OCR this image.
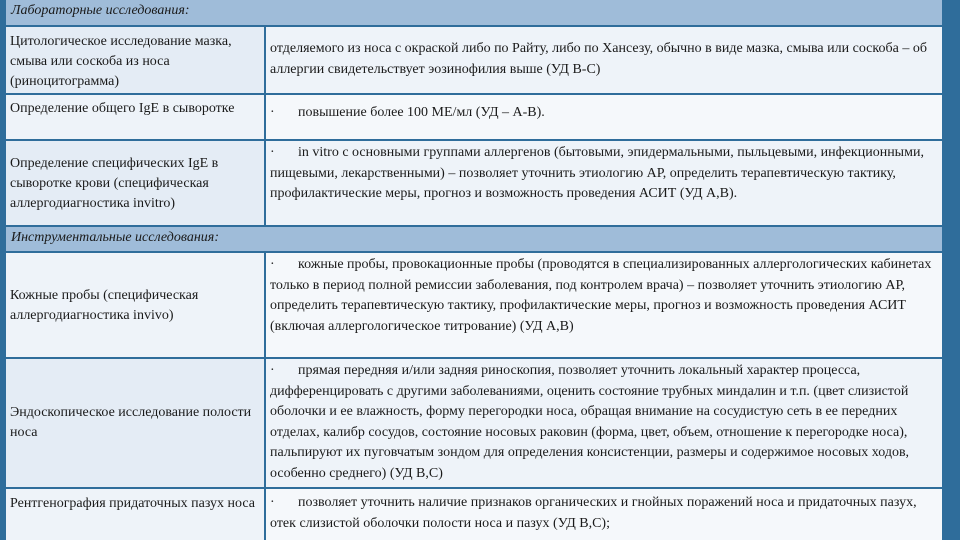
Лабораторные исследования:
Цитологическое исследование мазка, смыва или соскоба из носа (риноцитограмма)
отделяемого из носа с окраской либо по Райту, либо по Хансезу, обычно в виде мазка, смыва или соскоба – об аллергии свидетельствует эозинофилия выше (УД В-С)
Определение общего IgE в сыворотке	· повышение более 100 МЕ/мл (УД – А-В).
Определение специфических IgE в сыворотке крови (специфическая аллергодиагностика invitro)
· in vitro с основными группами аллергенов (бытовыми, эпидермальными, пыльцевыми, инфекционными, пищевыми, лекарственными) – позволяет уточнить этиологию АР, определить терапевтическую тактику, профилактические меры, прогноз и возможность проведения АСИТ (УД А,В).
Инструментальные исследования:
Кожные пробы (специфическая аллергодиагностика invivo)
· кожные пробы, провокационные пробы (проводятся в специализированных аллергологических кабинетах только в период полной ремиссии заболевания, под контролем врача) – позволяет уточнить этиологию АР, определить терапевтическую тактику, профилактические меры, прогноз и возможность проведения АСИТ (включая аллергологическое титрование) (УД А,В)
Эндоскопическое исследование полости носа
· прямая передняя и/или задняя риноскопия, позволяет уточнить локальный характер процесса, дифференцировать с другими заболеваниями, оценить состояние трубных миндалин и т.п. (цвет слизистой оболочки и ее влажность, форму перегородки носа, обращая внимание на сосудистую сеть в ее передних отделах, калибр сосудов, состояние носовых раковин (форма, цвет, объем, отношение к перегородке носа), пальпируют их пуговчатым зондом для определения консистенции, размеры и содержимое носовых ходов, особенно среднего) (УД В,С)
Рентгенография придаточных пазух носа	· позволяет уточнить наличие признаков органических и гнойных поражений носа и придаточных пазух, отек слизистой оболочки полости носа и пазух (УД В,С);
